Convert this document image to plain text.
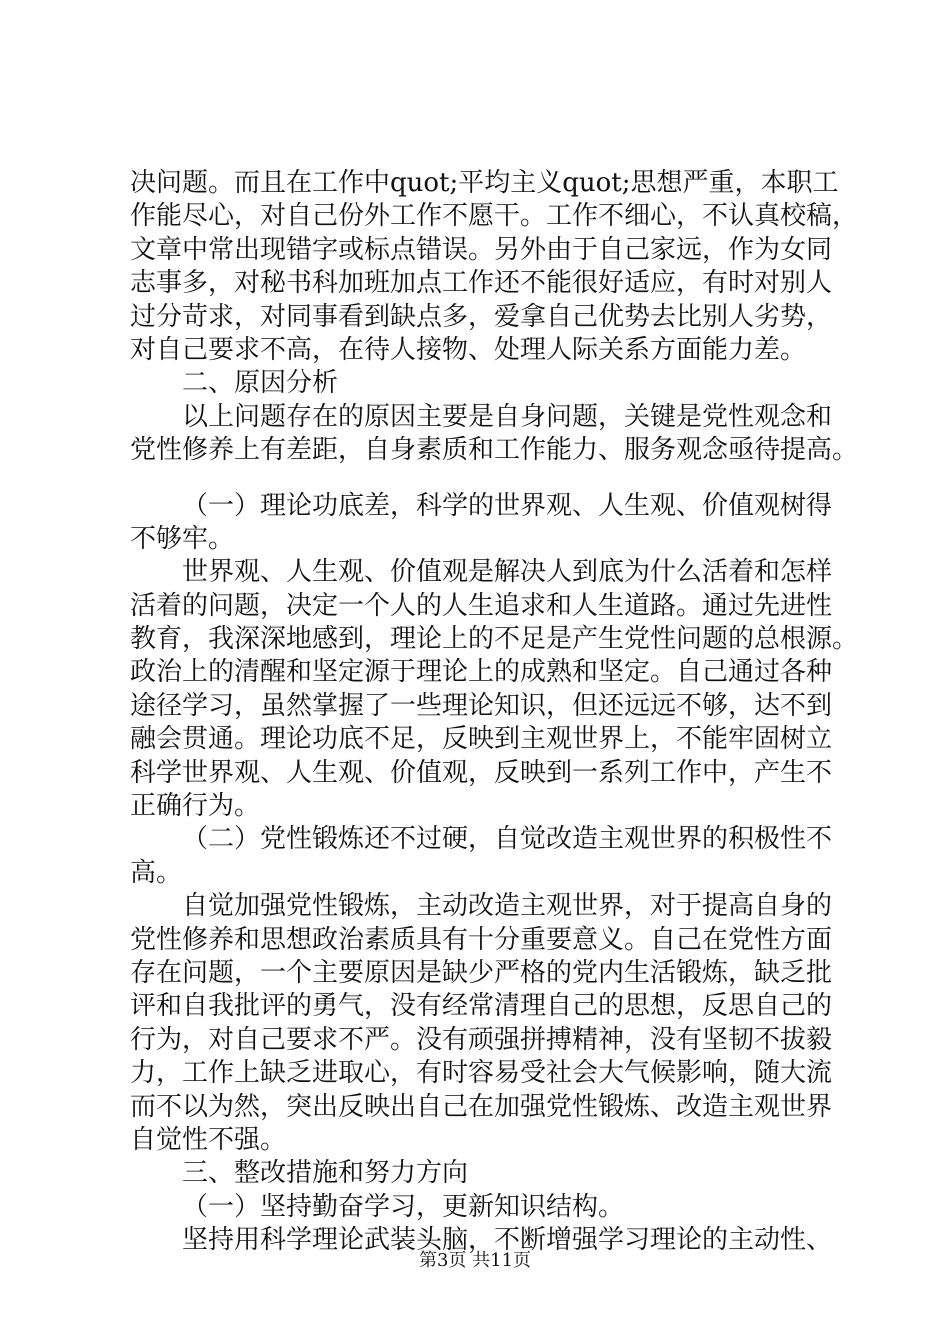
决问题。而且在工作中quot;平均主义quot;思想严重，本职工
作能尽心，对自己份外工作不愿干。工作不细心，不认真校稿，
文章中常出现错字或标点错误。另外由于自己家远，作为女同
志事多，对秘书科加班加点工作还不能很好适应，有时对别人
过分苛求，对同事看到缺点多，爱拿自己优势去比别人劣势，
对自己要求不高，在待人接物、处理人际关系方面能力差。
二、原因分析
以上问题存在的原因主要是自身问题，关键是党性观念和
党性修养上有差距，自身素质和工作能力、服务观念亟待提高。
（一）理论功底差，科学的世界观、人生观、价值观树得
不够牢。
世界观、人生观、价值观是解决人到底为什么活着和怎样
活着的问题，决定一个人的人生追求和人生道路。通过先进性
教育，我深深地感到，理论上的不足是产生党性问题的总根源。
政治上的清醒和坚定源于理论上的成熟和坚定。自己通过各种
途径学习，虽然掌握了一些理论知识，但还远远不够，达不到
融会贯通。理论功底不足，反映到主观世界上，不能牢固树立
科学世界观、人生观、价值观，反映到一系列工作中，产生不
正确行为。
（二）党性锻炼还不过硬，自觉改造主观世界的积极性不
高。
自觉加强党性锻炼，主动改造主观世界，对于提高自身的
党性修养和思想政治素质具有十分重要意义。自己在党性方面
存在问题，一个主要原因是缺少严格的党内生活锻炼，缺乏批
评和自我批评的勇气，没有经常清理自己的思想，反思自己的
行为，对自己要求不严。没有顽强拼搏精神，没有坚韧不拔毅
力，工作上缺乏进取心，有时容易受社会大气候影响，随大流
而不以为然，突出反映出自己在加强党性锻炼、改造主观世界
自觉性不强。
三、整改措施和努力方向
（一）坚持勤奋学习，更新知识结构。
坚持用科学理论武装头脑，不断增强学习理论的主动性、
第3页 共11页
